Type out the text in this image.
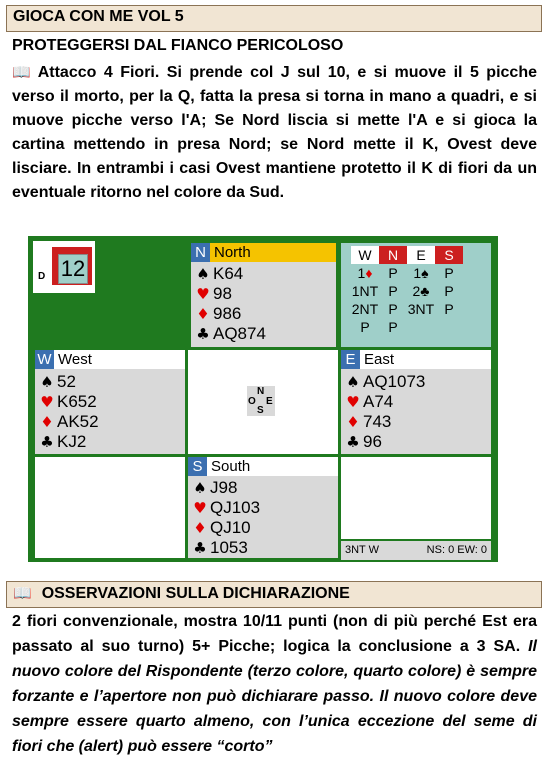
GIOCA CON ME VOL 5
PROTEGGERSI DAL FIANCO PERICOLOSO
📖 Attacco 4 Fiori. Si prende col J sul 10, e si muove il 5 picche verso il morto, per la Q, fatta la presa si torna in mano a quadri, e si muove picche verso l'A; Se Nord liscia si mette l'A e si gioca la cartina mettendo in presa Nord; se Nord mette il K, Ovest deve lisciare. In entrambi i casi Ovest mantiene protetto il K di fiori da un eventuale ritorno nel colore da Sud.
D 12
N North
♠ K64
♥ 98
♦ 986
♣ AQ874
W	N	E	S
1♦	P	1♠	P
1NT P	2♣	P
2NT P 3NT P
P	P
W West
♠ 52
♥ K652
♦ AK52
♣ KJ2
N
O E
S
E East
♠ AQ1073
♥ A74
♦ 743
♣ 96
S South
♠ J98
♥ QJ103
♦ QJ10
♣ 1053	3NT W	NS: 0 EW: 0
📖 OSSERVAZIONI SULLA DICHIARAZIONE
2 fiori convenzionale, mostra 10/11 punti (non di più perché Est era passato al suo turno) 5+ Picche; logica la conclusione a 3 SA. Il nuovo colore del Rispondente (terzo colore, quarto colore) è sempre forzante e l’apertore non può dichiarare passo. Il nuovo colore deve sempre essere quarto almeno, con l’unica eccezione del seme di fiori che (alert) può essere “corto”
